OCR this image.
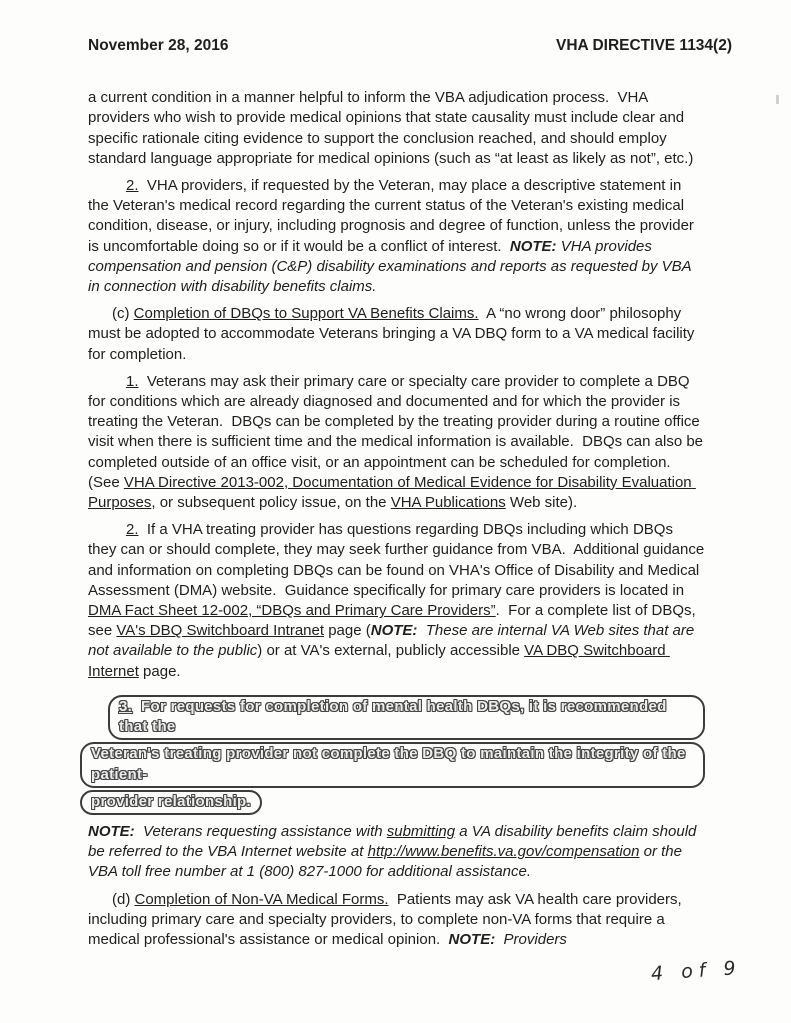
November 28, 2016	VHA DIRECTIVE 1134(2)

a current condition in a manner helpful to inform the VBA adjudication process.  VHA providers who wish to provide medical opinions that state causality must include clear and specific rationale citing evidence to support the conclusion reached, and should employ standard language appropriate for medical opinions (such as “at least as likely as not”, etc.)

2.  VHA providers, if requested by the Veteran, may place a descriptive statement in the Veteran's medical record regarding the current status of the Veteran's existing medical condition, disease, or injury, including prognosis and degree of function, unless the provider is uncomfortable doing so or if it would be a conflict of interest.  NOTE: VHA provides compensation and pension (C&P) disability examinations and reports as requested by VBA in connection with disability benefits claims.

(c) Completion of DBQs to Support VA Benefits Claims.  A “no wrong door” philosophy must be adopted to accommodate Veterans bringing a VA DBQ form to a VA medical facility for completion.

1.  Veterans may ask their primary care or specialty care provider to complete a DBQ for conditions which are already diagnosed and documented and for which the provider is treating the Veteran.  DBQs can be completed by the treating provider during a routine office visit when there is sufficient time and the medical information is available.  DBQs can also be completed outside of an office visit, or an appointment can be scheduled for completion.  (See VHA Directive 2013-002, Documentation of Medical Evidence for Disability Evaluation Purposes, or subsequent policy issue, on the VHA Publications Web site).

2.  If a VHA treating provider has questions regarding DBQs including which DBQs they can or should complete, they may seek further guidance from VBA.  Additional guidance and information on completing DBQs can be found on VHA's Office of Disability and Medical Assessment (DMA) website.  Guidance specifically for primary care providers is located in DMA Fact Sheet 12-002, “DBQs and Primary Care Providers”.  For a complete list of DBQs, see VA's DBQ Switchboard Intranet page (NOTE:  These are internal VA Web sites that are not available to the public) or at VA's external, publicly accessible VA DBQ Switchboard Internet page.

3.  For requests for completion of mental health DBQs, it is recommended that the
Veteran's treating provider not complete the DBQ to maintain the integrity of the patient-
provider relationship.

NOTE:  Veterans requesting assistance with submitting a VA disability benefits claim should be referred to the VBA Internet website at http://www.benefits.va.gov/compensation or the VBA toll free number at 1 (800) 827-1000 for additional assistance.

(d) Completion of Non-VA Medical Forms.  Patients may ask VA health care providers, including primary care and specialty providers, to complete non-VA forms that require a medical professional's assistance or medical opinion.  NOTE:  Providers

4 of 9
